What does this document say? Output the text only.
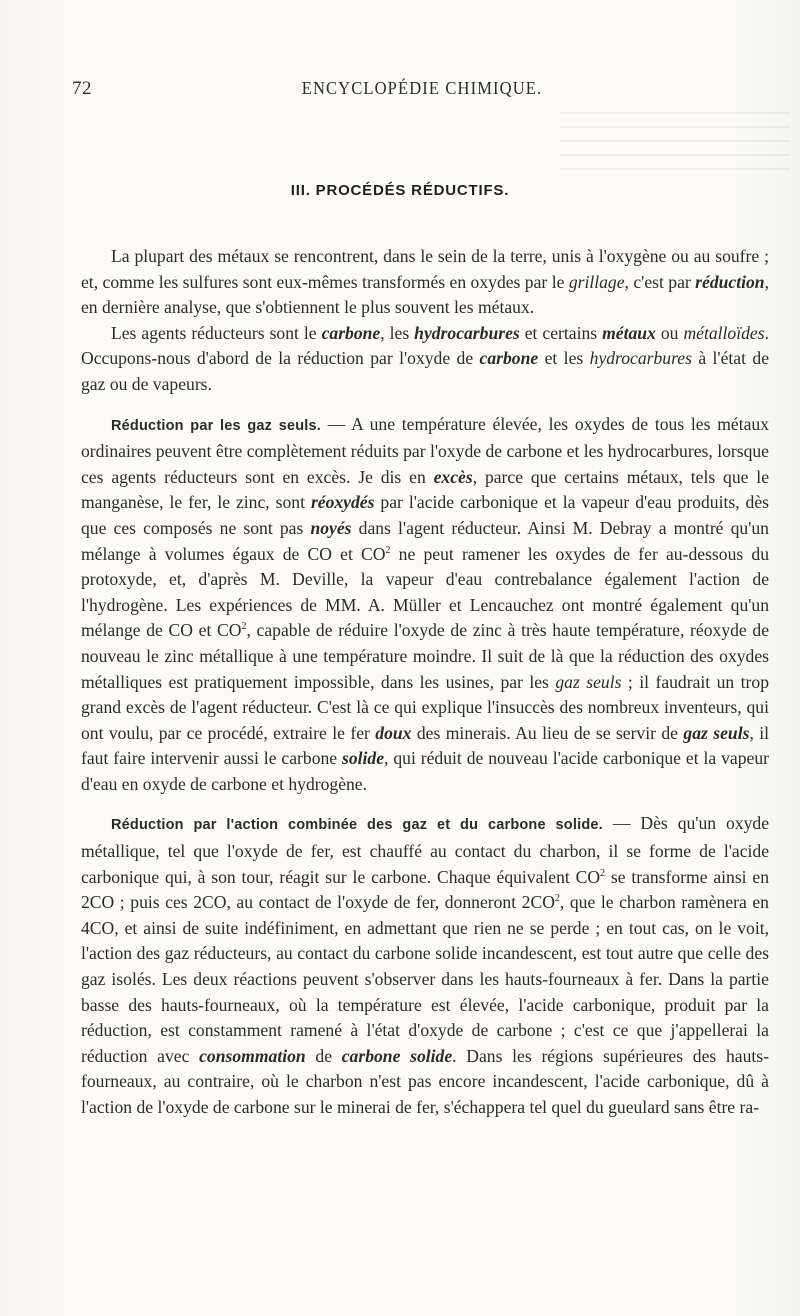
72	ENCYCLOPÉDIE CHIMIQUE.
III. PROCÉDÉS RÉDUCTIFS.

La plupart des métaux se rencontrent, dans le sein de la terre, unis à l'oxygène ou au soufre ; et, comme les sulfures sont eux-mêmes transformés en oxydes par le grillage, c'est par réduction, en dernière analyse, que s'obtiennent le plus souvent les métaux.

Les agents réducteurs sont le carbone, les hydrocarbures et certains métaux ou métalloïdes. Occupons-nous d'abord de la réduction par l'oxyde de carbone et les hydrocarbures à l'état de gaz ou de vapeurs.

Réduction par les gaz seuls. — A une température élevée, les oxydes de tous les métaux ordinaires peuvent être complètement réduits par l'oxyde de carbone et les hydrocarbures, lorsque ces agents réducteurs sont en excès. Je dis en excès, parce que certains métaux, tels que le manganèse, le fer, le zinc, sont réoxydés par l'acide carbonique et la vapeur d'eau produits, dès que ces composés ne sont pas noyés dans l'agent réducteur. Ainsi M. Debray a montré qu'un mélange à volumes égaux de CO et $CO^2$ ne peut ramener les oxydes de fer au-dessous du protoxyde, et, d'après M. Deville, la vapeur d'eau contrebalance également l'action de l'hydrogène. Les expériences de MM. A. Müller et Lencauchez ont montré également qu'un mélange de CO et $CO^2$, capable de réduire l'oxyde de zinc à très haute température, réoxyde de nouveau le zinc métallique à une température moindre. Il suit de là que la réduction des oxydes métalliques est pratiquement impossible, dans les usines, par les gaz seuls ; il faudrait un trop grand excès de l'agent réducteur. C'est là ce qui explique l'insuccès des nombreux inventeurs, qui ont voulu, par ce procédé, extraire le fer doux des minerais. Au lieu de se servir de gaz seuls, il faut faire intervenir aussi le carbone solide, qui réduit de nouveau l'acide carbonique et la vapeur d'eau en oxyde de carbone et hydrogène.

Réduction par l'action combinée des gaz et du carbone solide. — Dès qu'un oxyde métallique, tel que l'oxyde de fer, est chauffé au contact du charbon, il se forme de l'acide carbonique qui, à son tour, réagit sur le carbone. Chaque équivalent $CO^2$ se transforme ainsi en 2CO ; puis ces 2CO, au contact de l'oxyde de fer, donneront $2CO^2$, que le charbon ramènera en 4CO, et ainsi de suite indéfiniment, en admettant que rien ne se perde ; en tout cas, on le voit, l'action des gaz réducteurs, au contact du carbone solide incandescent, est tout autre que celle des gaz isolés. Les deux réactions peuvent s'observer dans les hauts-fourneaux à fer. Dans la partie basse des hauts-fourneaux, où la température est élevée, l'acide carbonique, produit par la réduction, est constamment ramené à l'état d'oxyde de carbone ; c'est ce que j'appellerai la réduction avec consommation de carbone solide. Dans les régions supérieures des hauts-fourneaux, au contraire, où le charbon n'est pas encore incandescent, l'acide carbonique, dû à l'action de l'oxyde de carbone sur le minerai de fer, s'échappera tel quel du gueulard sans être ra-
